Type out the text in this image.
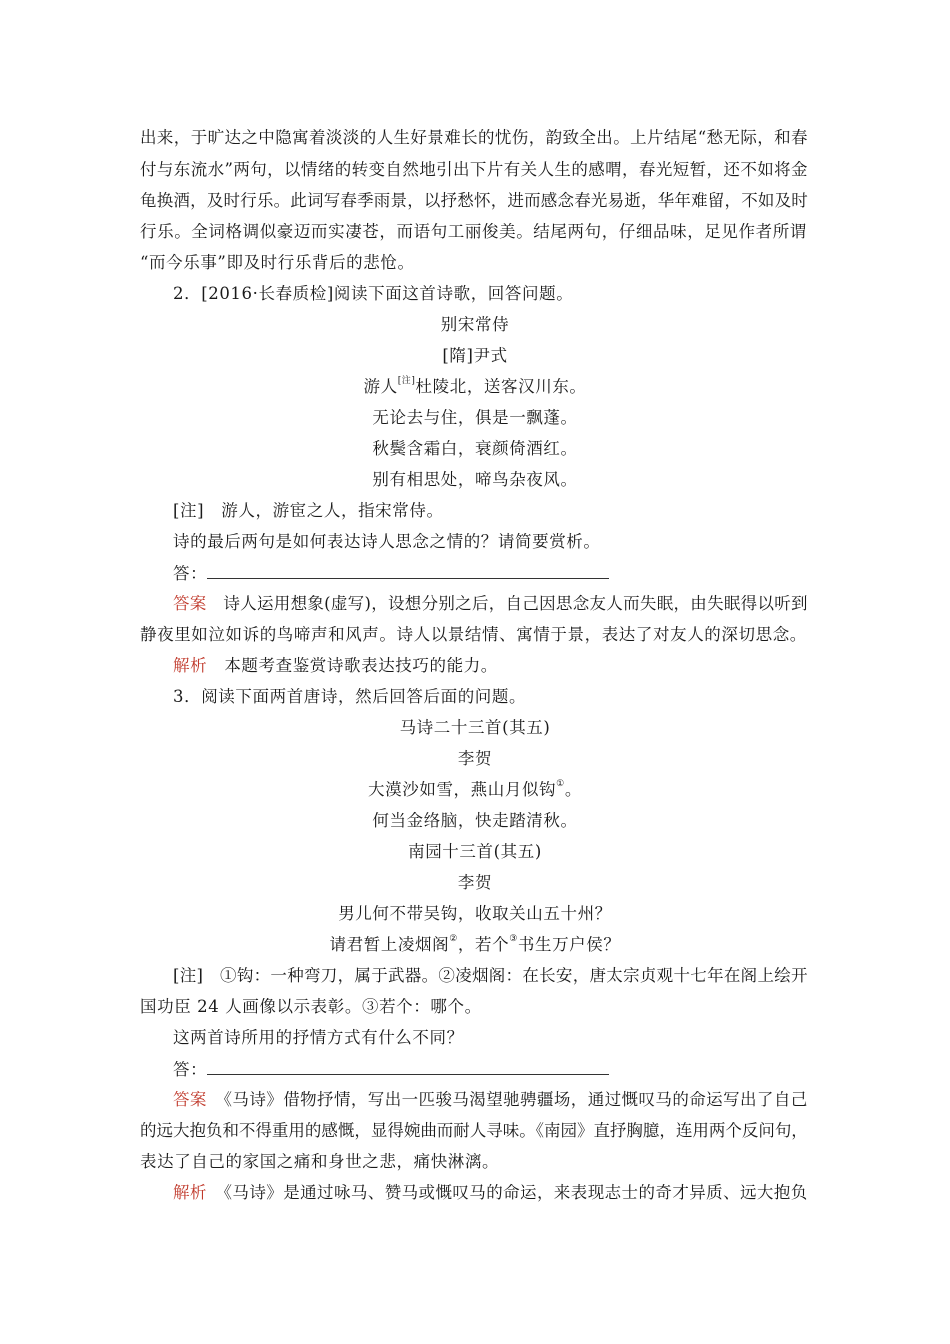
出来，于旷达之中隐寓着淡淡的人生好景难长的忧伤，韵致全出。上片结尾“愁无际，和春
付与东流水”两句，以情绪的转变自然地引出下片有关人生的感喟，春光短暂，还不如将金
龟换酒，及时行乐。此词写春季雨景，以抒愁怀，进而感念春光易逝，华年难留，不如及时
行乐。全词格调似豪迈而实凄苍，而语句工丽俊美。结尾两句，仔细品味，足见作者所谓
“而今乐事”即及时行乐背后的悲怆。
2．[2016·长春质检]阅读下面这首诗歌，回答问题。
别宋常侍
[隋]尹式
游人[注]杜陵北，送客汉川东。
无论去与住，俱是一飘蓬。
秋鬓含霜白，衰颜倚酒红。
别有相思处，啼鸟杂夜风。
[注]　游人，游宦之人，指宋常侍。
诗的最后两句是如何表达诗人思念之情的？请简要赏析。
答：
答案　 诗人运用想象(虚写)，设想分别之后，自己因思念友人而失眠，由失眠得以听到
静夜里如泣如诉的鸟啼声和风声。诗人以景结情、寓情于景，表达了对友人的深切思念。
解析　 本题考查鉴赏诗歌表达技巧的能力。
3．阅读下面两首唐诗，然后回答后面的问题。
马诗二十三首(其五)
李贺
大漠沙如雪，燕山月似钩①。
何当金络脑，快走踏清秋。
南园十三首(其五)
李贺
男儿何不带吴钩，收取关山五十州？
请君暂上凌烟阁②，若个③书生万户侯？
[注]　①钩：一种弯刀，属于武器。②凌烟阁：在长安，唐太宗贞观十七年在阁上绘开
国功臣 24 人画像以示表彰。③若个：哪个。
这两首诗所用的抒情方式有什么不同？
答：
答案　 《马诗》借物抒情，写出一匹骏马渴望驰骋疆场，通过慨叹马的命运写出了自己
的远大抱负和不得重用的感慨，显得婉曲而耐人寻味。《南园》直抒胸臆，连用两个反问句，
表达了自己的家国之痛和身世之悲，痛快淋漓。
解析　 《马诗》是通过咏马、赞马或慨叹马的命运，来表现志士的奇才异质、远大抱负
